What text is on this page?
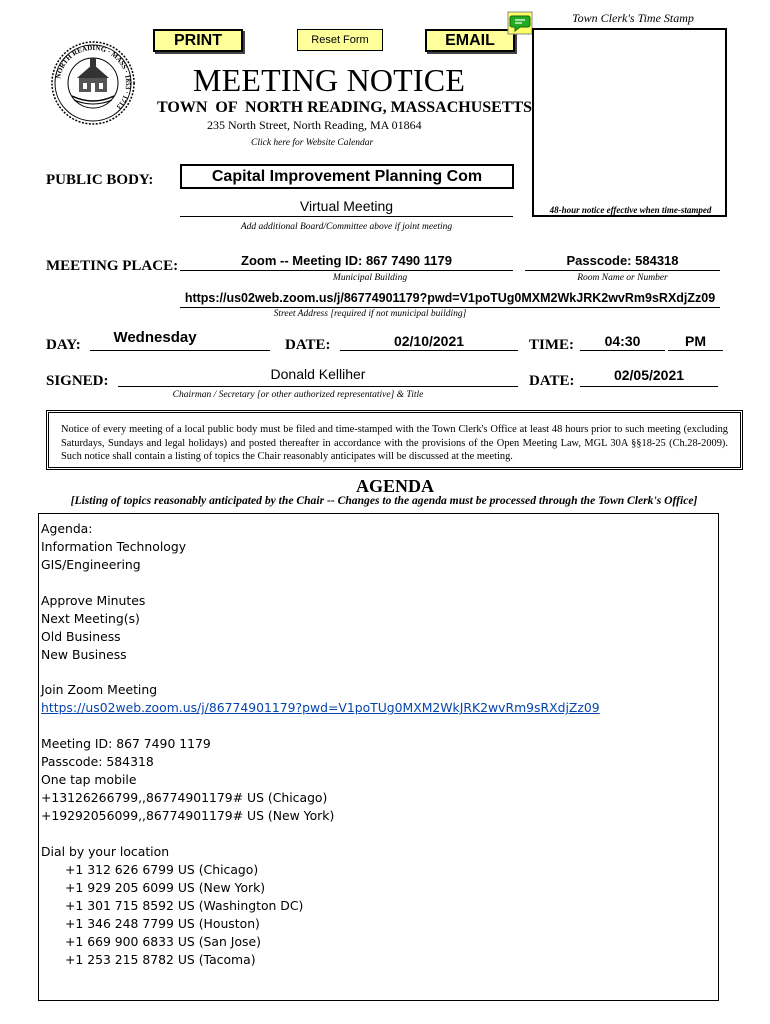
PRINT	Reset Form	EMAIL
Town Clerk's Time Stamp
48-hour notice effective when time-stamped
NORTH READING · MASS · 1853 · 1713
MEETING NOTICE
TOWN  OF  NORTH READING, MASSACHUSETTS
235 North Street, North Reading, MA 01864
Click here for Website Calendar
PUBLIC BODY:	Capital Improvement Planning Com
Virtual Meeting
Add additional Board/Committee above if joint meeting
MEETING PLACE:	Zoom -- Meeting ID: 867 7490 1179
Municipal Building
Passcode: 584318
Room Name or Number
https://us02web.zoom.us/j/86774901179?pwd=V1poTUg0MXM2WkJRK2wvRm9sRXdjZz09
Street Address [required if not municipal building]
DAY:	Wednesday	DATE:	02/10/2021	TIME:	04:30	PM
SIGNED:	Donald Kelliher
Chairman / Secretary [or other authorized representative] & Title
DATE:	02/05/2021
Notice of every meeting of a local public body must be filed and time-stamped with the Town Clerk's Office at least 48 hours prior to such meeting (excluding Saturdays, Sundays and legal holidays) and posted thereafter in accordance with the provisions of the Open Meeting Law, MGL 30A §§18-25 (Ch.28-2009). Such notice shall contain a listing of topics the Chair reasonably anticipates will be discussed at the meeting.
AGENDA
[Listing of topics reasonably anticipated by the Chair -- Changes to the agenda must be processed through the Town Clerk's Office]
Agenda:
Information Technology
GIS/Engineering
Approve Minutes
Next Meeting(s)
Old Business
New Business
Join Zoom Meeting
https://us02web.zoom.us/j/86774901179?pwd=V1poTUg0MXM2WkJRK2wvRm9sRXdjZz09
Meeting ID: 867 7490 1179
Passcode: 584318
One tap mobile
+13126266799,,86774901179# US (Chicago)
+19292056099,,86774901179# US (New York)
Dial by your location
+1 312 626 6799 US (Chicago)
+1 929 205 6099 US (New York)
+1 301 715 8592 US (Washington DC)
+1 346 248 7799 US (Houston)
+1 669 900 6833 US (San Jose)
+1 253 215 8782 US (Tacoma)
